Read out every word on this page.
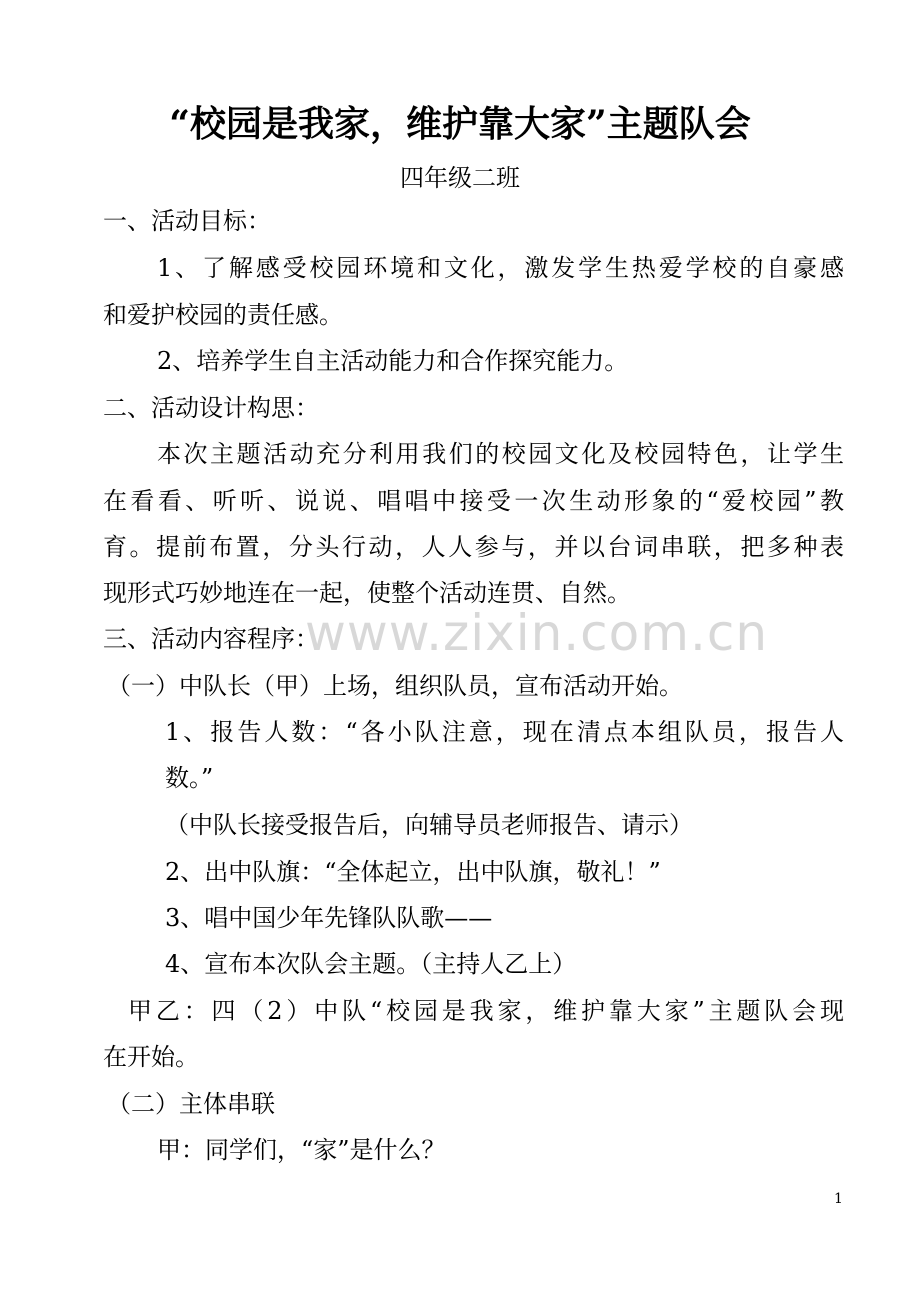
“校园是我家，维护靠大家”主题队会
四年级二班
一、活动目标：
1、了解感受校园环境和文化，激发学生热爱学校的自豪感
和爱护校园的责任感。
2、培养学生自主活动能力和合作探究能力。
二、活动设计构思：
本次主题活动充分利用我们的校园文化及校园特色，让学生
在看看、听听、说说、唱唱中接受一次生动形象的“爱校园”教
育。提前布置，分头行动，人人参与，并以台词串联，把多种表
现形式巧妙地连在一起，使整个活动连贯、自然。
www.zixin.com.cn
三、活动内容程序：
（一）中队长（甲）上场，组织队员，宣布活动开始。
1、报告人数：“各小队注意，现在清点本组队员，报告人
数。”
（中队长接受报告后，向辅导员老师报告、请示）
2、出中队旗：“全体起立，出中队旗，敬礼！”
3、唱中国少年先锋队队歌——
4、宣布本次队会主题。（主持人乙上）
甲乙：四（2）中队“校园是我家，维护靠大家”主题队会现
在开始。
（二）主体串联
甲：同学们，“家”是什么？
1
